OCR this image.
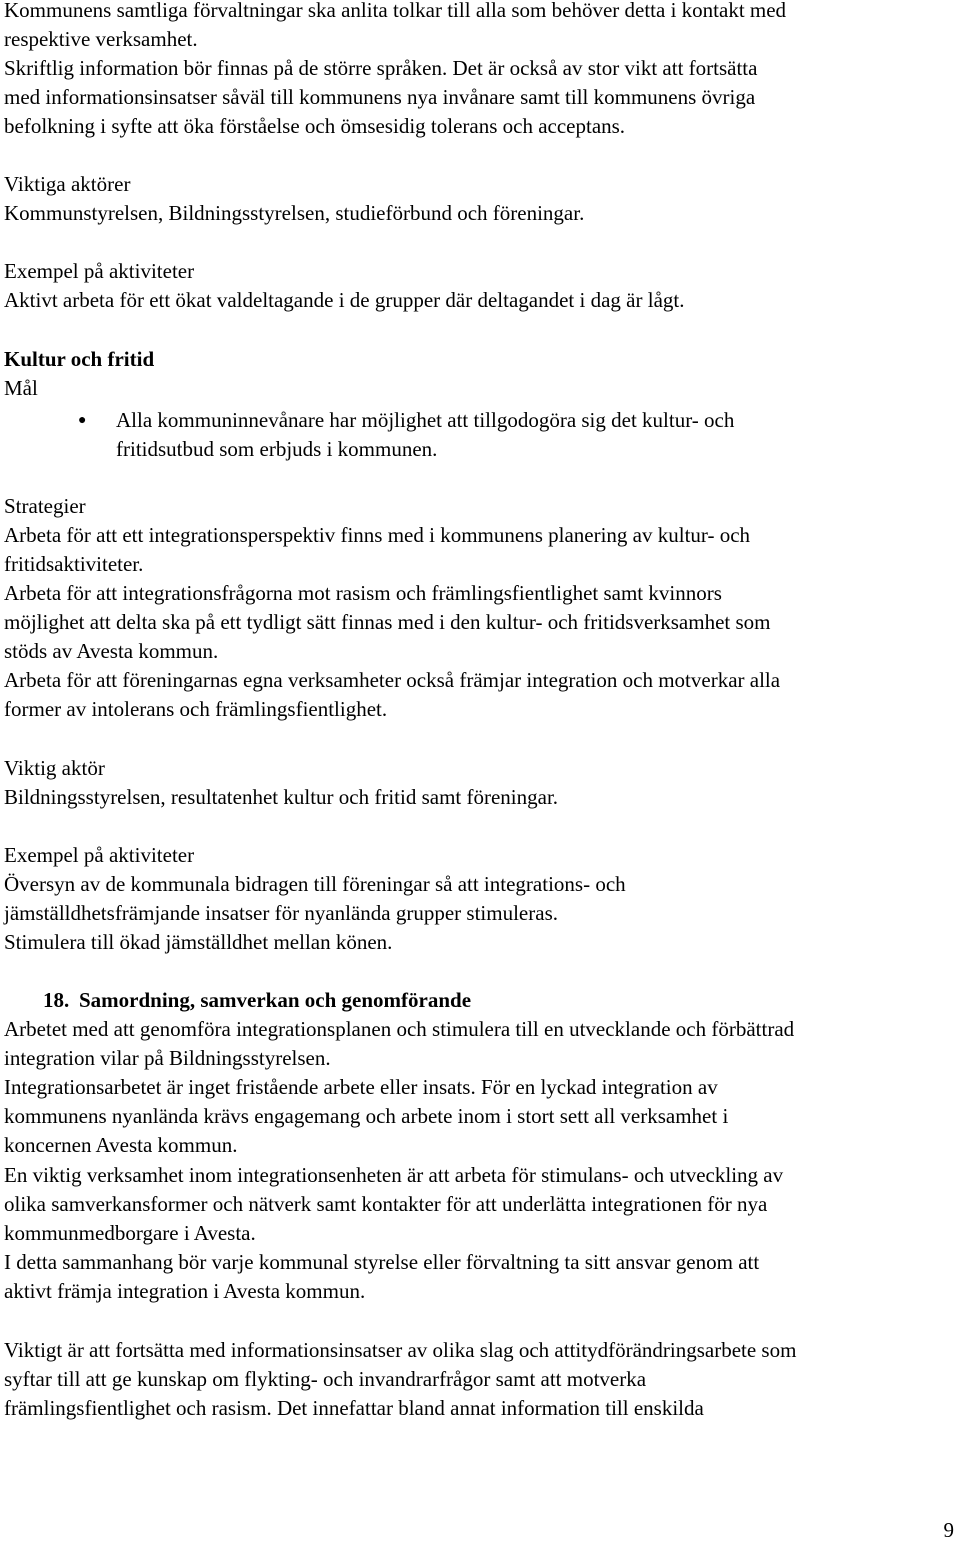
Kommunens samtliga förvaltningar ska anlita tolkar till alla som behöver detta i kontakt med
respektive verksamhet.
Skriftlig information bör finnas på de större språken. Det är också av stor vikt att fortsätta
med informationsinsatser såväl till kommunens nya invånare samt till kommunens övriga
befolkning i syfte att öka förståelse och ömsesidig tolerans och acceptans.
Viktiga aktörer
Kommunstyrelsen, Bildningsstyrelsen, studieförbund och föreningar.
Exempel på aktiviteter
Aktivt arbeta för ett ökat valdeltagande i de grupper där deltagandet i dag är lågt.
Kultur och fritid
Mål
● Alla kommuninnevånare har möjlighet att tillgodogöra sig det kultur- och
fritidsutbud som erbjuds i kommunen.
Strategier
Arbeta för att ett integrationsperspektiv finns med i kommunens planering av kultur- och
fritidsaktiviteter.
Arbeta för att integrationsfrågorna mot rasism och främlingsfientlighet samt kvinnors
möjlighet att delta ska på ett tydligt sätt finnas med i den kultur- och fritidsverksamhet som
stöds av Avesta kommun.
Arbeta för att föreningarnas egna verksamheter också främjar integration och motverkar alla
former av intolerans och främlingsfientlighet.
Viktig aktör
Bildningsstyrelsen, resultatenhet kultur och fritid samt föreningar.
Exempel på aktiviteter
Översyn av de kommunala bidragen till föreningar så att integrations- och
jämställdhetsfrämjande insatser för nyanlända grupper stimuleras.
Stimulera till ökad jämställdhet mellan könen.
18. Samordning, samverkan och genomförande
Arbetet med att genomföra integrationsplanen och stimulera till en utvecklande och förbättrad
integration vilar på Bildningsstyrelsen.
Integrationsarbetet är inget fristående arbete eller insats. För en lyckad integration av
kommunens nyanlända krävs engagemang och arbete inom i stort sett all verksamhet i
koncernen Avesta kommun.
En viktig verksamhet inom integrationsenheten är att arbeta för stimulans- och utveckling av
olika samverkansformer och nätverk samt kontakter för att underlätta integrationen för nya
kommunmedborgare i Avesta.
I detta sammanhang bör varje kommunal styrelse eller förvaltning ta sitt ansvar genom att
aktivt främja integration i Avesta kommun.
Viktigt är att fortsätta med informationsinsatser av olika slag och attitydförändringsarbete som
syftar till att ge kunskap om flykting- och invandrarfrågor samt att motverka
främlingsfientlighet och rasism. Det innefattar bland annat information till enskilda
9
